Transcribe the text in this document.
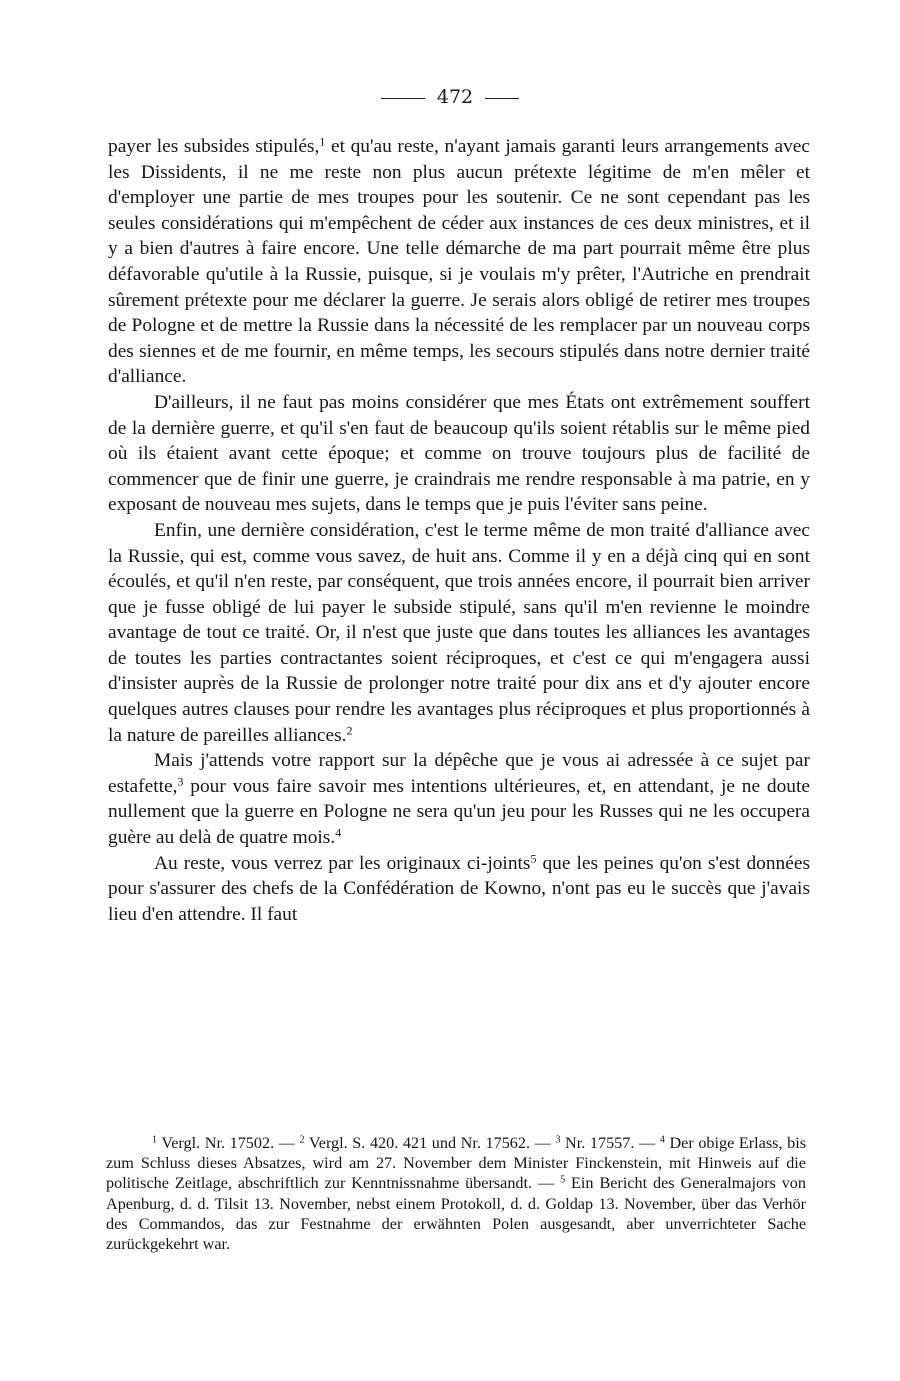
472

payer les subsides stipulés,$^1$ et qu'au reste, n'ayant jamais garanti leurs arrangements avec les Dissidents, il ne me reste non plus aucun prétexte légitime de m'en mêler et d'employer une partie de mes troupes pour les soutenir. Ce ne sont cependant pas les seules considérations qui m'empêchent de céder aux instances de ces deux ministres, et il y a bien d'autres à faire encore. Une telle démarche de ma part pourrait même être plus défavorable qu'utile à la Russie, puisque, si je voulais m'y prêter, l'Autriche en prendrait sûrement prétexte pour me déclarer la guerre. Je serais alors obligé de retirer mes troupes de Pologne et de mettre la Russie dans la nécessité de les remplacer par un nouveau corps des siennes et de me fournir, en même temps, les secours stipulés dans notre dernier traité d'alliance.

D'ailleurs, il ne faut pas moins considérer que mes États ont extrêmement souffert de la dernière guerre, et qu'il s'en faut de beaucoup qu'ils soient rétablis sur le même pied où ils étaient avant cette époque; et comme on trouve toujours plus de facilité de commencer que de finir une guerre, je craindrais me rendre responsable à ma patrie, en y exposant de nouveau mes sujets, dans le temps que je puis l'éviter sans peine.

Enfin, une dernière considération, c'est le terme même de mon traité d'alliance avec la Russie, qui est, comme vous savez, de huit ans. Comme il y en a déjà cinq qui en sont écoulés, et qu'il n'en reste, par conséquent, que trois années encore, il pourrait bien arriver que je fusse obligé de lui payer le subside stipulé, sans qu'il m'en revienne le moindre avantage de tout ce traité. Or, il n'est que juste que dans toutes les alliances les avantages de toutes les parties contractantes soient réciproques, et c'est ce qui m'engagera aussi d'insister auprès de la Russie de prolonger notre traité pour dix ans et d'y ajouter encore quelques autres clauses pour rendre les avantages plus réciproques et plus proportionnés à la nature de pareilles alliances.$^2$

Mais j'attends votre rapport sur la dépêche que je vous ai adressée à ce sujet par estafette,$^3$ pour vous faire savoir mes intentions ultérieures, et, en attendant, je ne doute nullement que la guerre en Pologne ne sera qu'un jeu pour les Russes qui ne les occupera guère au delà de quatre mois.$^4$

Au reste, vous verrez par les originaux ci-joints$^5$ que les peines qu'on s'est données pour s'assurer des chefs de la Confédération de Kowno, n'ont pas eu le succès que j'avais lieu d'en attendre. Il faut

$^1$ Vergl. Nr. 17502. — $^2$ Vergl. S. 420. 421 und Nr. 17562. — $^3$ Nr. 17557. — $^4$ Der obige Erlass, bis zum Schluss dieses Absatzes, wird am 27. November dem Minister Finckenstein, mit Hinweis auf die politische Zeitlage, abschriftlich zur Kenntnissnahme übersandt. — $^5$ Ein Bericht des Generalmajors von Apenburg, d. d. Tilsit 13. November, nebst einem Protokoll, d. d. Goldap 13. November, über das Verhör des Commandos, das zur Festnahme der erwähnten Polen ausgesandt, aber unverrichteter Sache zurückgekehrt war.
